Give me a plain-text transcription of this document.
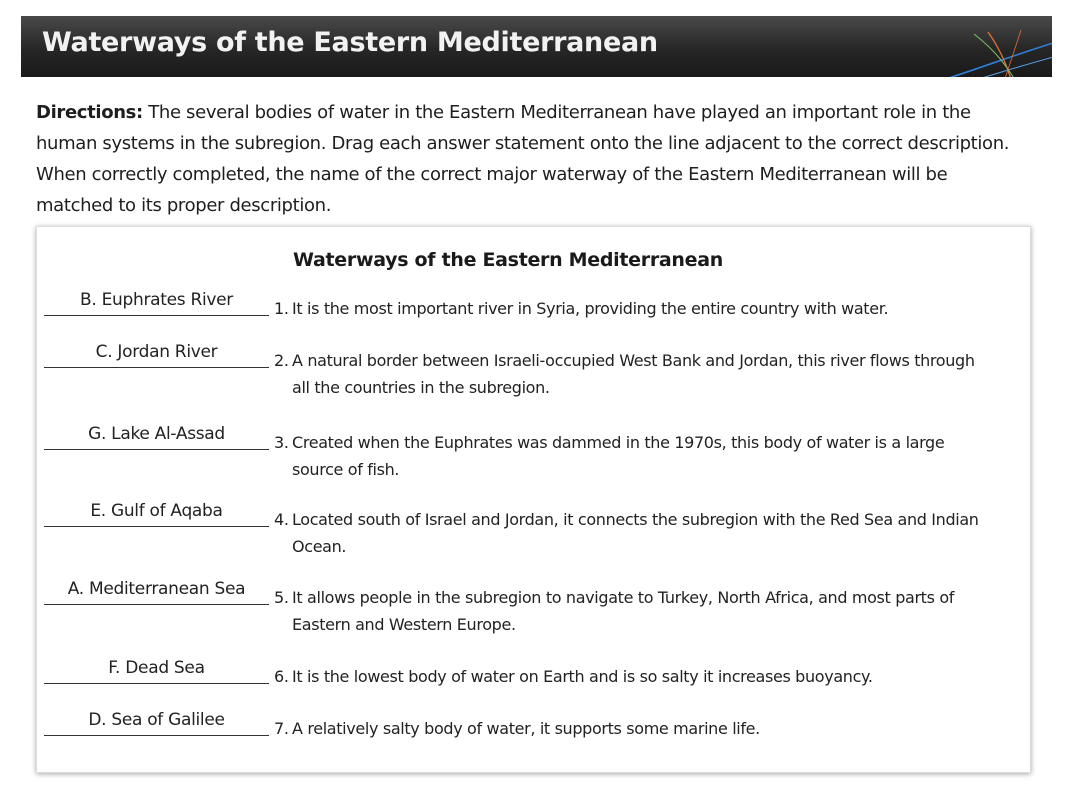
Waterways of the Eastern Mediterranean

Directions: The several bodies of water in the Eastern Mediterranean have played an important role in the human systems in the subregion. Drag each answer statement onto the line adjacent to the correct description. When correctly completed, the name of the correct major waterway of the Eastern Mediterranean will be matched to its proper description.

Waterways of the Eastern Mediterranean
B. Euphrates River	1. It is the most important river in Syria, providing the entire country with water.
C. Jordan River	2. A natural border between Israeli-occupied West Bank and Jordan, this river flows through all the countries in the subregion.
G. Lake Al-Assad	3. Created when the Euphrates was dammed in the 1970s, this body of water is a large source of fish.
E. Gulf of Aqaba	4. Located south of Israel and Jordan, it connects the subregion with the Red Sea and Indian Ocean.
A. Mediterranean Sea	5. It allows people in the subregion to navigate to Turkey, North Africa, and most parts of Eastern and Western Europe.
F. Dead Sea	6. It is the lowest body of water on Earth and is so salty it increases buoyancy.
D. Sea of Galilee	7. A relatively salty body of water, it supports some marine life.
